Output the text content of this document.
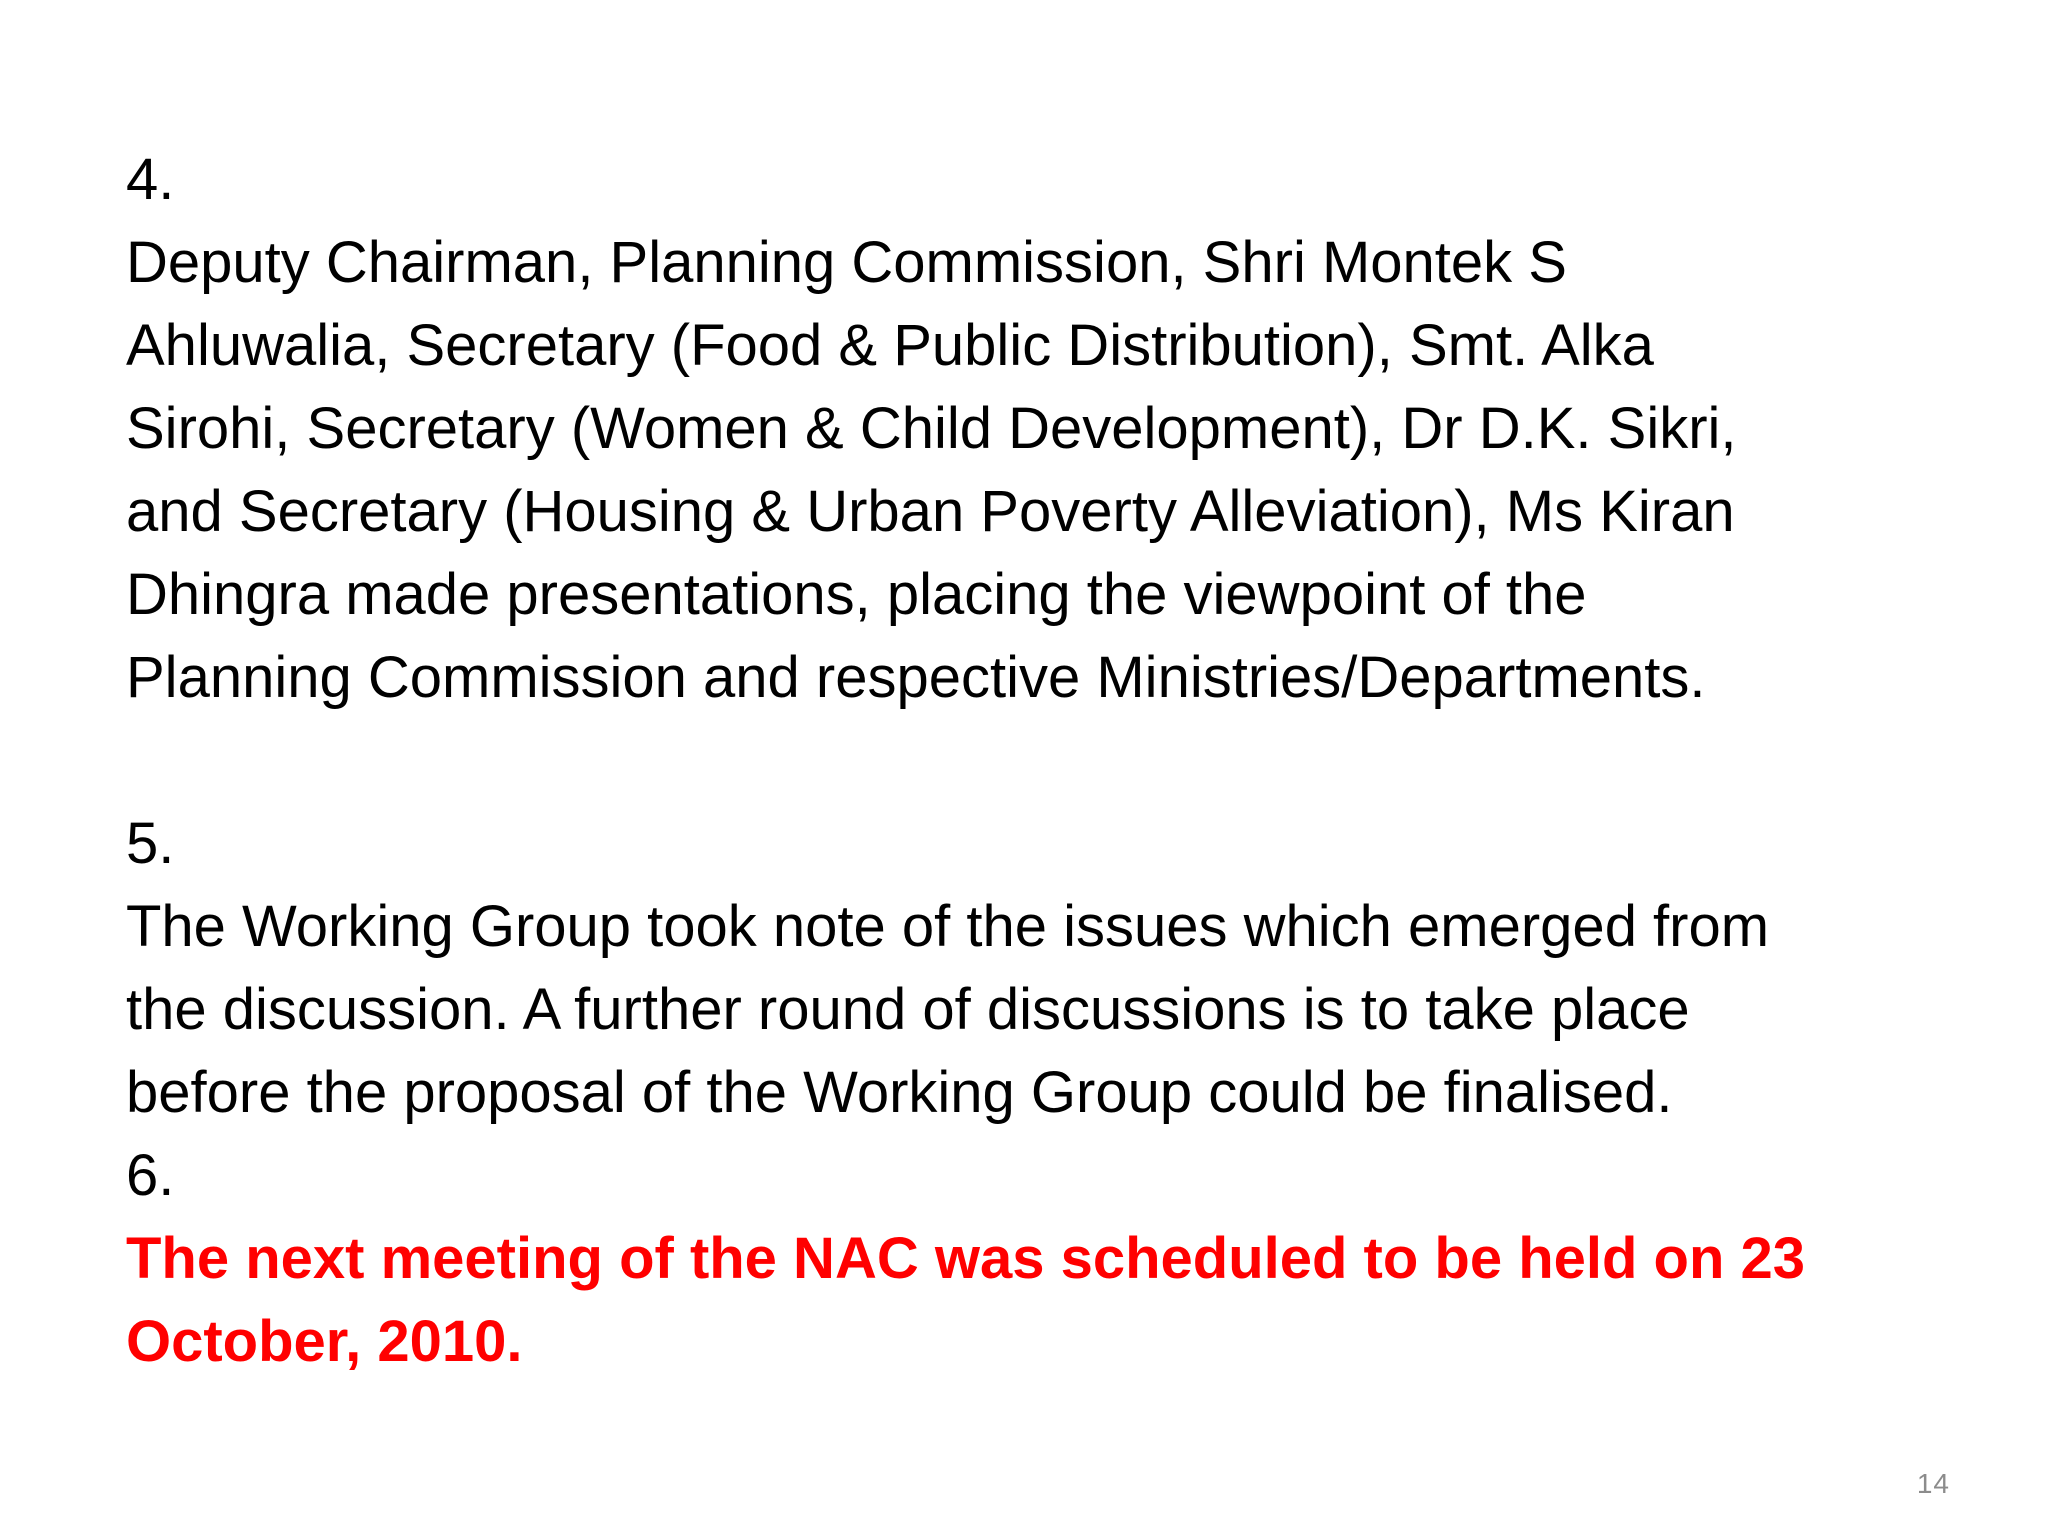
4.
Deputy Chairman, Planning Commission, Shri Montek S
Ahluwalia, Secretary (Food & Public Distribution), Smt. Alka
Sirohi, Secretary (Women & Child Development), Dr D.K. Sikri,
and Secretary (Housing & Urban Poverty Alleviation), Ms Kiran
Dhingra made presentations, placing the viewpoint of the
Planning Commission and respective Ministries/Departments.
5.
The Working Group took note of the issues which emerged from
the discussion. A further round of discussions is to take place
before the proposal of the Working Group could be finalised.
6.
The next meeting of the NAC was scheduled to be held on 23
October, 2010.
14
